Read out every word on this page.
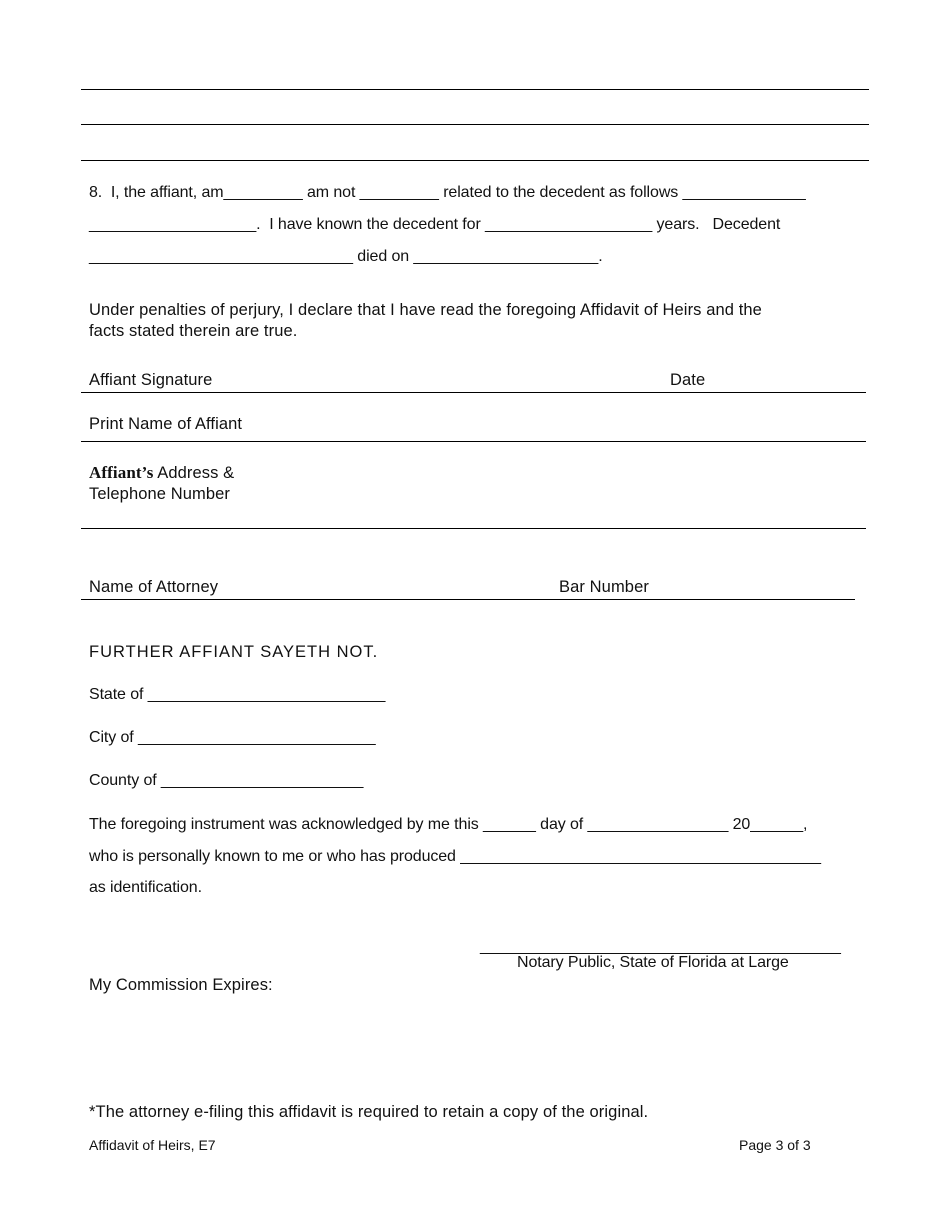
8.  I, the affiant, am_________ am not _________ related to the decedent as follows ______________
___________________.  I have known the decedent for ___________________ years.   Decedent
______________________________ died on _____________________.
Under penalties of perjury, I declare that I have read the foregoing Affidavit of Heirs and the
facts stated therein are true.
Affiant Signature	Date
Print Name of Affiant
Affiant’s Address &
Telephone Number
Name of Attorney	Bar Number
FURTHER AFFIANT SAYETH NOT.
State of ___________________________
City of ___________________________
County of _______________________
The foregoing instrument was acknowledged by me this ______ day of ________________ 20______,
who is personally known to me or who has produced _________________________________________
as identification.
_________________________________________
Notary Public, State of Florida at Large
My Commission Expires:
*The attorney e-filing this affidavit is required to retain a copy of the original.
Affidavit of Heirs, E7	Page 3 of 3
